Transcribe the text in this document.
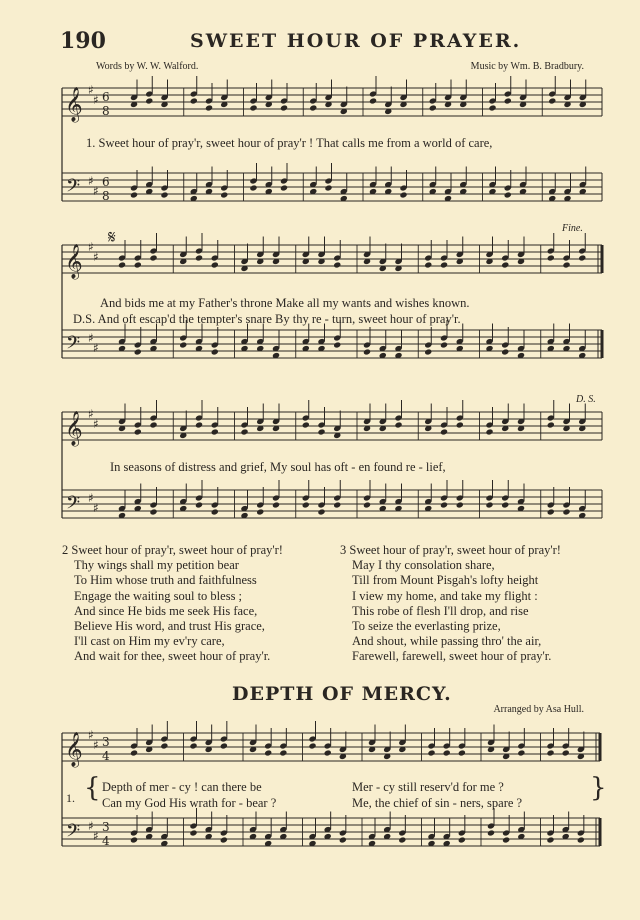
190	SWEET HOUR OF PRAYER.
Words by W. W. Walford.	Music by Wm. B. Bradbury.
𝄞
𝄢
♯
♯
♯
♯
6
8
6
8
𝄞
𝄢
♯
♯
♯
♯
𝄞
𝄢
♯
♯
♯
♯
𝄞
𝄢
♯
♯
♯
♯
3
4
3
4
𝄋
1. Sweet hour of pray'r, sweet hour of pray'r ! That calls me from a world of care,
Fine.
And bids me at my Father's throne Make all my wants and wishes known.
D.S. And oft escap'd the tempter's snare By thy re - turn, sweet hour of pray'r.
D. S.
In seasons of distress and grief, My soul has oft - en found re - lief,
2 Sweet hour of pray'r, sweet hour of pray'r!
Thy wings shall my petition bear
To Him whose truth and faithfulness
Engage the waiting soul to bless ;
And since He bids me seek His face,
Believe His word, and trust His grace,
I'll cast on Him my ev'ry care,
And wait for thee, sweet hour of pray'r.
3 Sweet hour of pray'r, sweet hour of pray'r!
May I thy consolation share,
Till from Mount Pisgah's lofty height
I view my home, and take my flight :
This robe of flesh I'll drop, and rise
To seize the everlasting prize,
And shout, while passing thro' the air,
Farewell, farewell, sweet hour of pray'r.
DEPTH OF MERCY.
Arranged by Asa Hull.
1. {	}
Depth of mer - cy ! can there be	Mer - cy still reserv'd for me ?
Can my God His wrath for - bear ?	Me, the chief of sin - ners, spare ?
